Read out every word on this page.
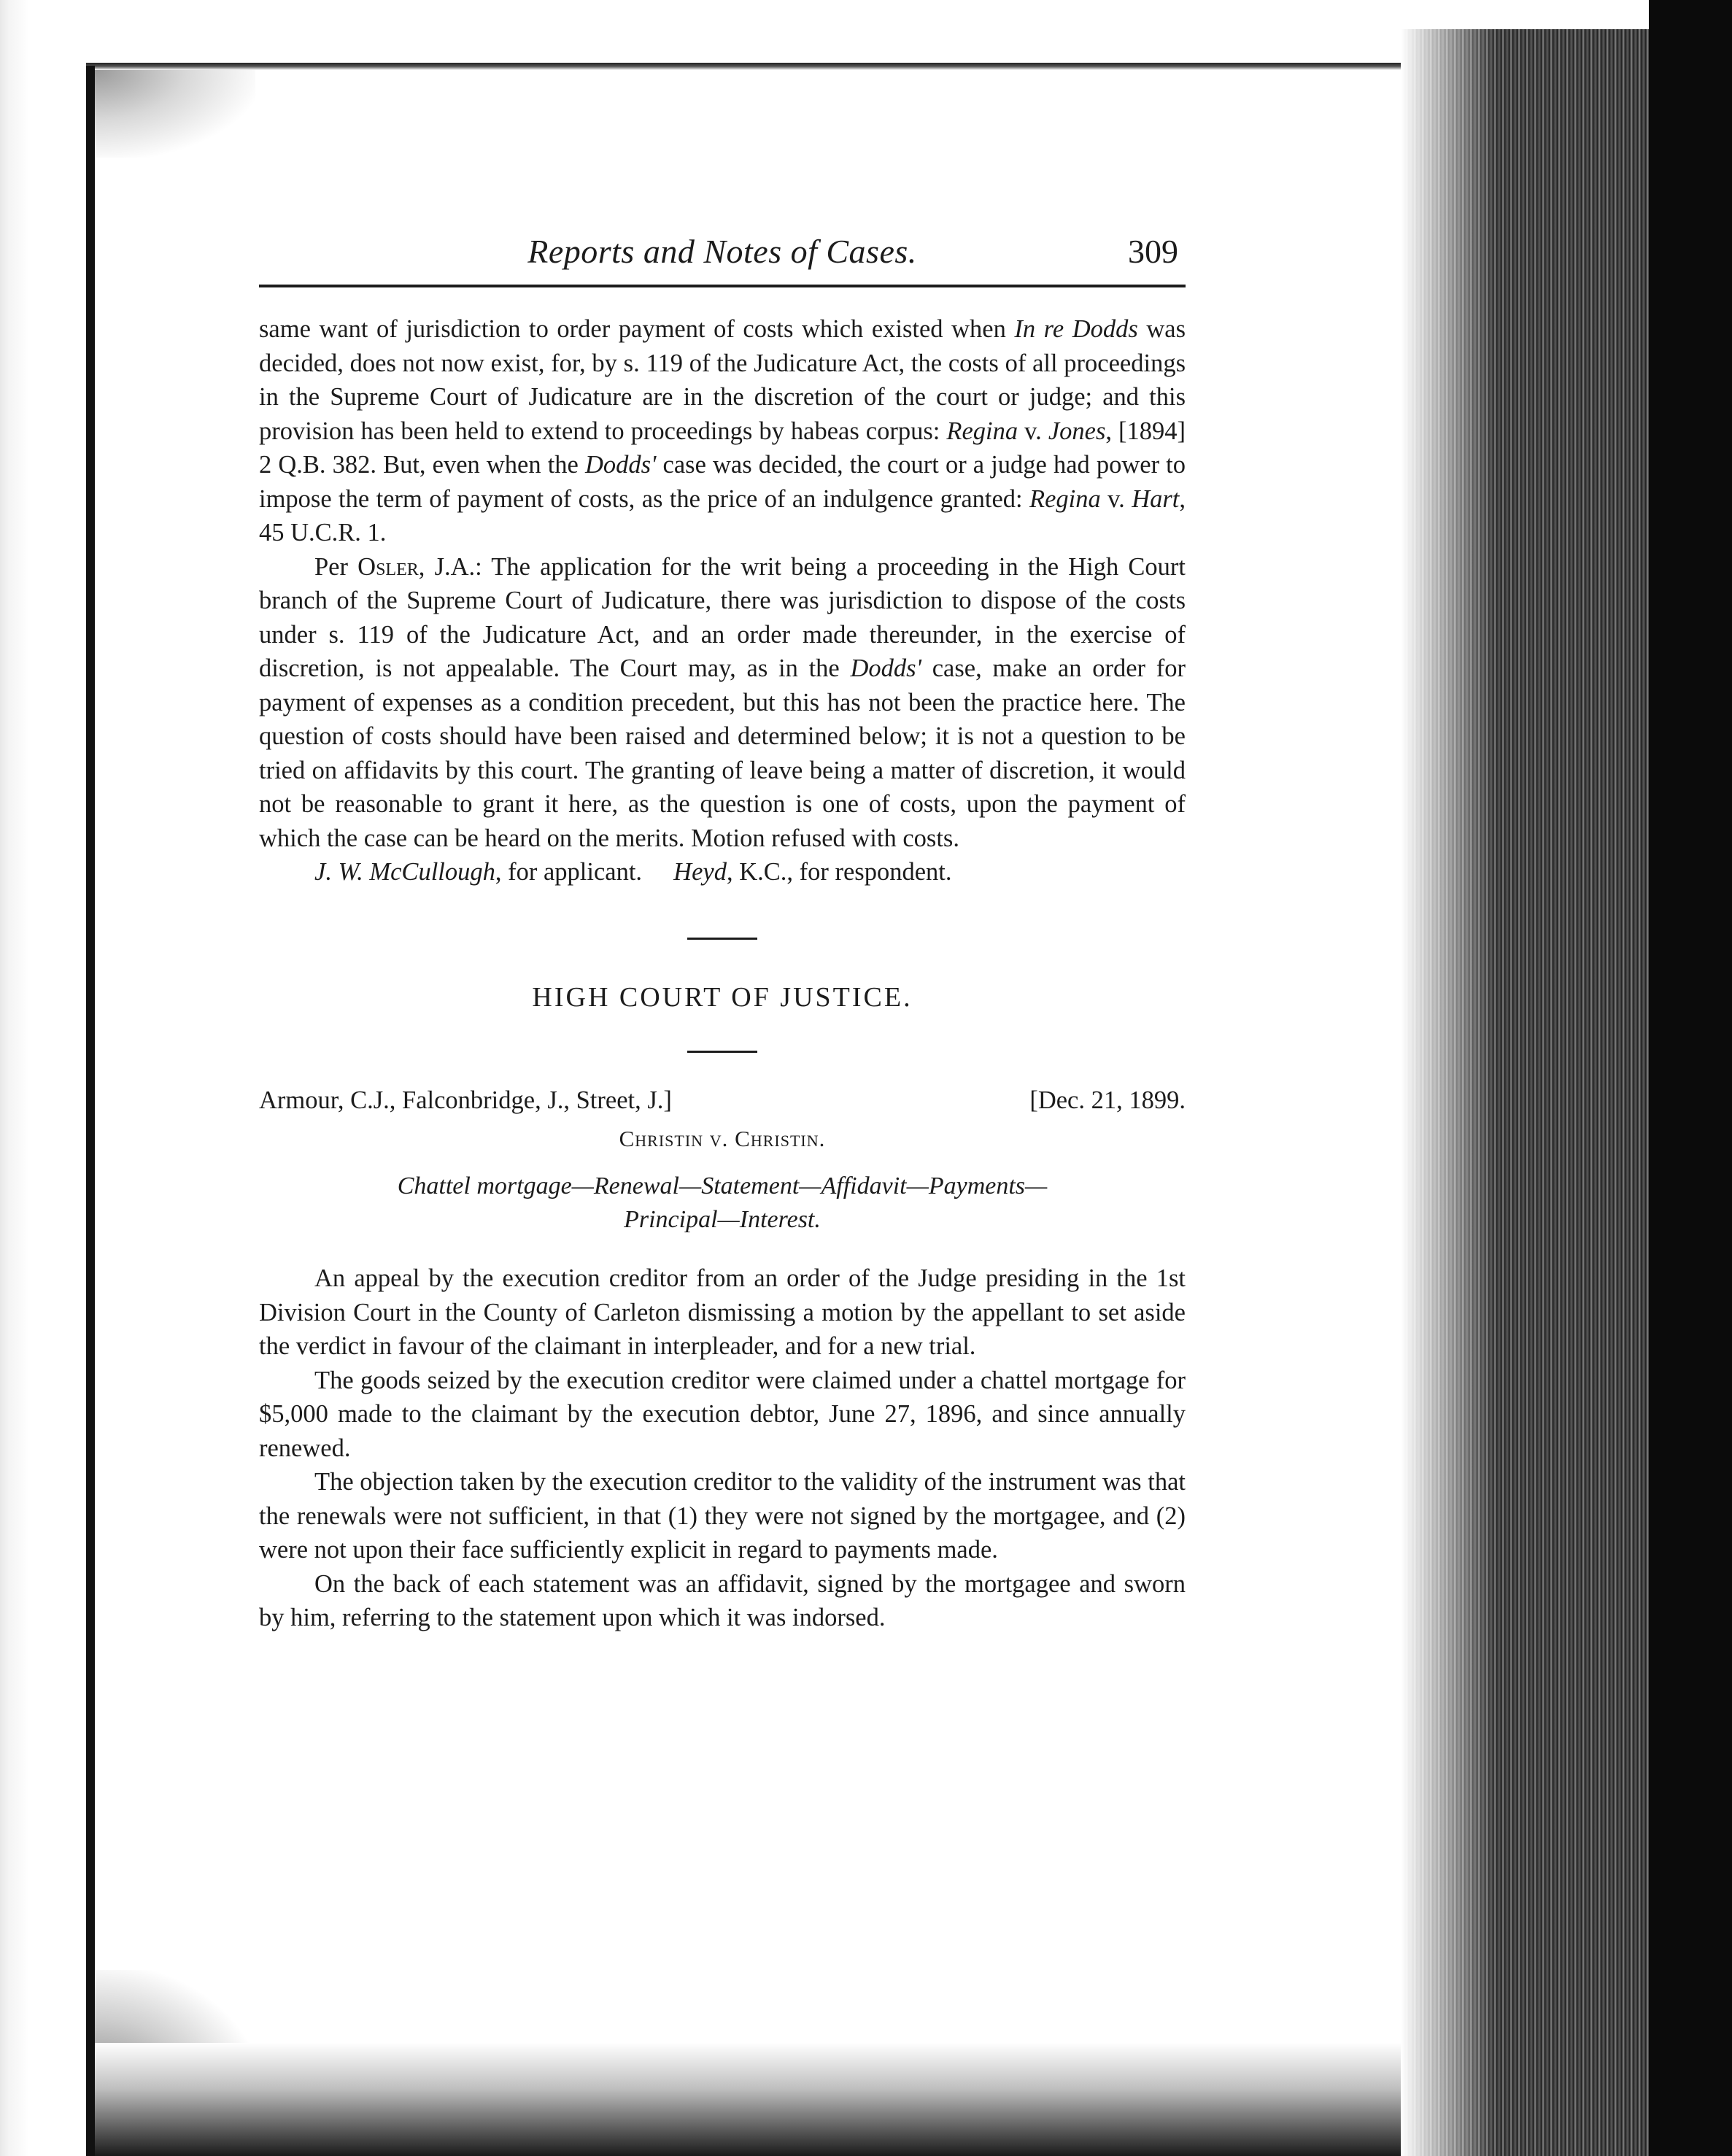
Reports and Notes of Cases.	309

same want of jurisdiction to order payment of costs which existed when In re Dodds was decided, does not now exist, for, by s. 119 of the Judicature Act, the costs of all proceedings in the Supreme Court of Judicature are in the discretion of the court or judge; and this provision has been held to extend to proceedings by habeas corpus: Regina v. Jones, [1894] 2 Q.B. 382. But, even when the Dodds' case was decided, the court or a judge had power to impose the term of payment of costs, as the price of an indulgence granted: Regina v. Hart, 45 U.C.R. 1.

Per Osler, J.A.: The application for the writ being a proceeding in the High Court branch of the Supreme Court of Judicature, there was jurisdiction to dispose of the costs under s. 119 of the Judicature Act, and an order made thereunder, in the exercise of discretion, is not appealable. The Court may, as in the Dodds' case, make an order for payment of expenses as a condition precedent, but this has not been the practice here. The question of costs should have been raised and determined below; it is not a question to be tried on affidavits by this court. The granting of leave being a matter of discretion, it would not be reasonable to grant it here, as the question is one of costs, upon the payment of which the case can be heard on the merits. Motion refused with costs.

J. W. McCullough, for applicant.     Heyd, K.C., for respondent.

HIGH COURT OF JUSTICE.

Armour, C.J., Falconbridge, J., Street, J.]	[Dec. 21, 1899.
Christin v. Christin.
Chattel mortgage—Renewal—Statement—Affidavit—Payments—
Principal—Interest.

An appeal by the execution creditor from an order of the Judge presiding in the 1st Division Court in the County of Carleton dismissing a motion by the appellant to set aside the verdict in favour of the claimant in interpleader, and for a new trial.

The goods seized by the execution creditor were claimed under a chattel mortgage for $5,000 made to the claimant by the execution debtor, June 27, 1896, and since annually renewed.

The objection taken by the execution creditor to the validity of the instrument was that the renewals were not sufficient, in that (1) they were not signed by the mortgagee, and (2) were not upon their face sufficiently explicit in regard to payments made.

On the back of each statement was an affidavit, signed by the mortgagee and sworn by him, referring to the statement upon which it was indorsed.
